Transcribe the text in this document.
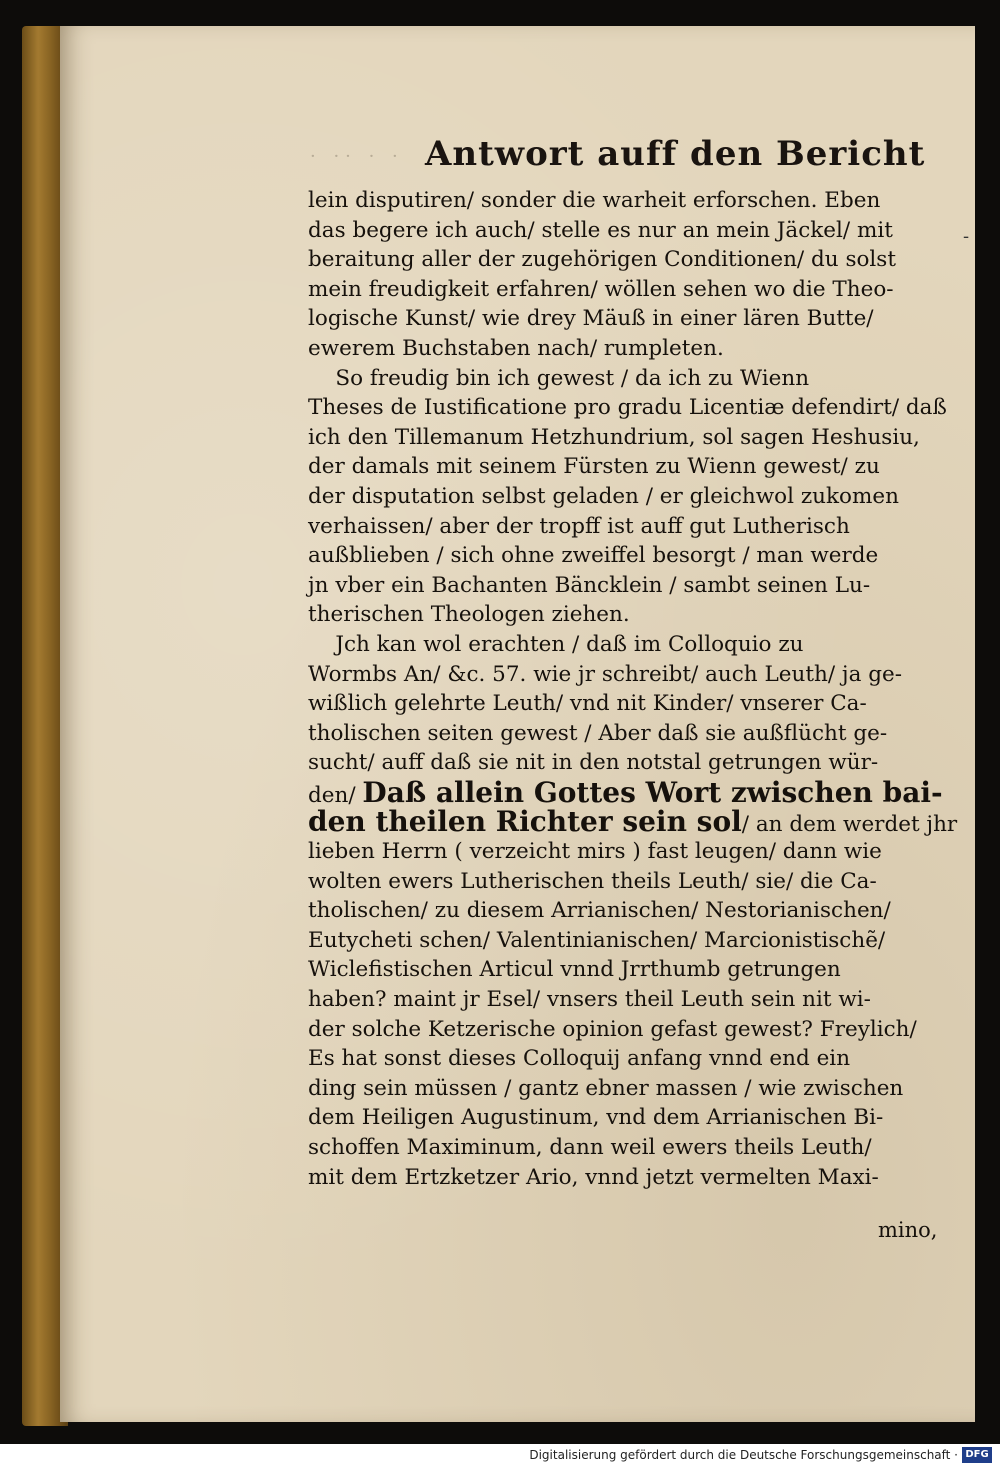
· ·· · · Antwort auff den Bericht
-
lein disputiren/ sonder die warheit erforschen. Eben
das begere ich auch/ stelle es nur an mein Jäckel/ mit
beraitung aller der zugehörigen Conditionen/ du solst
mein freudigkeit erfahren/ wöllen sehen wo die Theo-
logische Kunst/ wie drey Mäuß in einer lären Butte/
ewerem Buchstaben nach/ rumpleten.
So freudig bin ich gewest / da ich zu Wienn
Theses de Iustificatione pro gradu Licentiæ defendirt/ daß
ich den Tillemanum Hetzhundrium, sol sagen Heshusiu,
der damals mit seinem Fürsten zu Wienn gewest/ zu
der disputation selbst geladen / er gleichwol zukomen
verhaissen/ aber der tropff ist auff gut Lutherisch
außblieben / sich ohne zweiffel besorgt / man werde
jn vber ein Bachanten Bäncklein / sambt seinen Lu-
therischen Theologen ziehen.
Jch kan wol erachten / daß im Colloquio zu
Wormbs An/ &c. 57. wie jr schreibt/ auch Leuth/ ja ge-
wißlich gelehrte Leuth/ vnd nit Kinder/ vnserer Ca-
tholischen seiten gewest / Aber daß sie außflücht ge-
sucht/ auff daß sie nit in den notstal getrungen wür-
den/ Daß allein Gottes Wort zwischen bai-
den theilen Richter sein sol/ an dem werdet jhr
lieben Herrn ( verzeicht mirs ) fast leugen/ dann wie
wolten ewers Lutherischen theils Leuth/ sie/ die Ca-
tholischen/ zu diesem Arrianischen/ Nestorianischen/
Eutycheti schen/ Valentinianischen/ Marcionistischẽ/
Wiclefistischen Articul vnnd Jrrthumb getrungen
haben? maint jr Esel/ vnsers theil Leuth sein nit wi-
der solche Ketzerische opinion gefast gewest? Freylich/
Es hat sonst dieses Colloquij anfang vnnd end ein
ding sein müssen / gantz ebner massen / wie zwischen
dem Heiligen Augustinum, vnd dem Arrianischen Bi-
schoffen Maximinum, dann weil ewers theils Leuth/
mit dem Ertzketzer Ario, vnnd jetzt vermelten Maxi-
mino,
Digitalisierung gefördert durch die Deutsche Forschungsgemeinschaft · DFG
